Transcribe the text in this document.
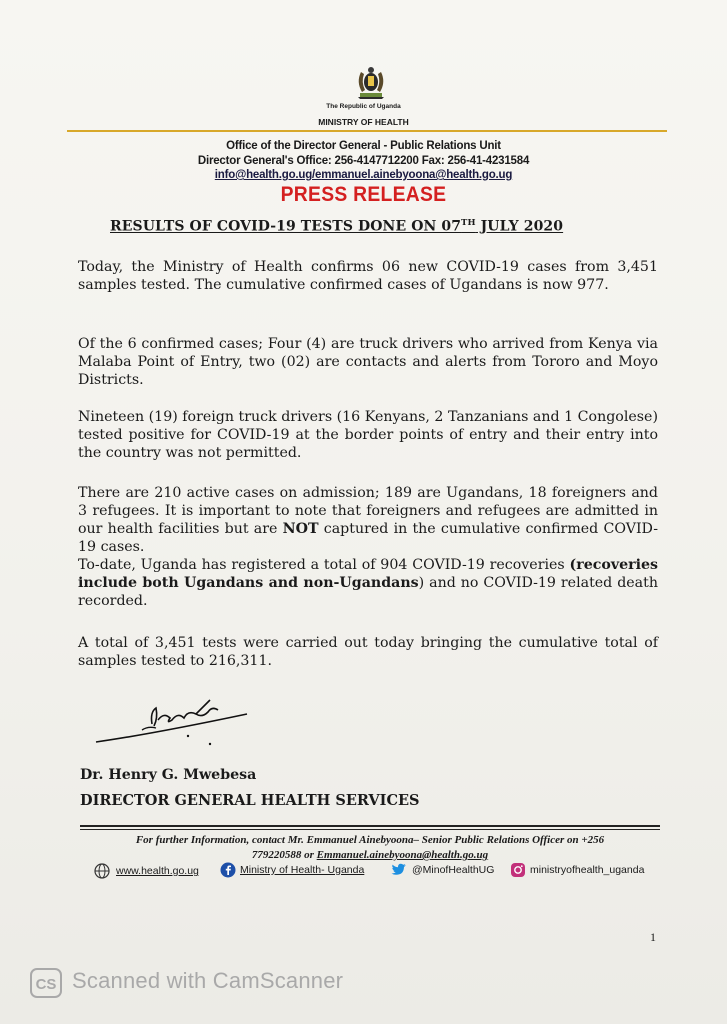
The Republic of Uganda
MINISTRY OF HEALTH
Office of the Director General - Public Relations Unit
Director General's Office: 256-4147712200 Fax: 256-41-4231584
info@health.go.ug/emmanuel.ainebyoona@health.go.ug
PRESS RELEASE
RESULTS OF COVID-19 TESTS DONE ON 07TH JULY 2020
Today, the Ministry of Health confirms 06 new COVID-19 cases from 3,451 samples tested. The cumulative confirmed cases of Ugandans is now 977.
Of the 6 confirmed cases; Four (4) are truck drivers who arrived from Kenya via Malaba Point of Entry, two (02) are contacts and alerts from Tororo and Moyo Districts.
Nineteen (19) foreign truck drivers (16 Kenyans, 2 Tanzanians and 1 Congolese) tested positive for COVID-19 at the border points of entry and their entry into the country was not permitted.
There are 210 active cases on admission; 189 are Ugandans, 18 foreigners and 3 refugees. It is important to note that foreigners and refugees are admitted in our health facilities but are NOT captured in the cumulative confirmed COVID-19 cases.
To-date, Uganda has registered a total of 904 COVID-19 recoveries (recoveries include both Ugandans and non-Ugandans) and no COVID-19 related death recorded.
A total of 3,451 tests were carried out today bringing the cumulative total of samples tested to 216,311.
Dr. Henry G. Mwebesa
DIRECTOR GENERAL HEALTH SERVICES
For further Information, contact Mr. Emmanuel Ainebyoona– Senior Public Relations Officer on +256
779220588 or Emmanuel.ainebyoona@health.go.ug
www.health.go.ug	Ministry of Health- Uganda	@MinofHealthUG	ministryofhealth_uganda
1
CS Scanned with CamScanner
